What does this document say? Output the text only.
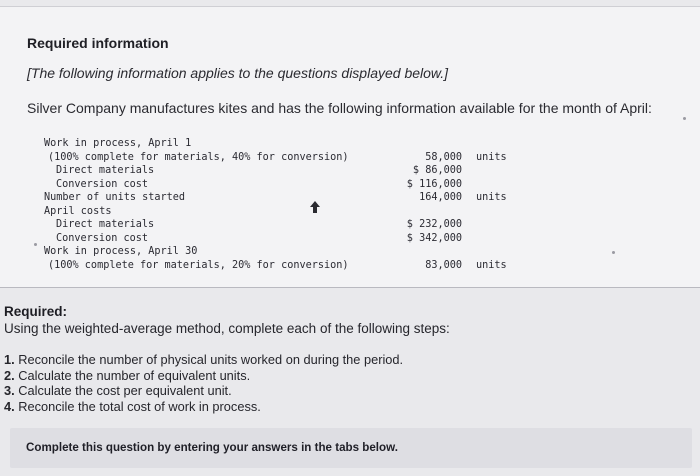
Required information
[The following information applies to the questions displayed below.]
Silver Company manufactures kites and has the following information available for the month of April:
Work in process, April 1
(100% complete for materials, 40% for conversion)	58,000 units
Direct materials	$ 86,000
Conversion cost	$ 116,000
Number of units started	164,000 units
April costs
Direct materials	$ 232,000
Conversion cost	$ 342,000
Work in process, April 30
(100% complete for materials, 20% for conversion)	83,000 units
Required:
Using the weighted-average method, complete each of the following steps:
1. Reconcile the number of physical units worked on during the period.
2. Calculate the number of equivalent units.
3. Calculate the cost per equivalent unit.
4. Reconcile the total cost of work in process.
Complete this question by entering your answers in the tabs below.
